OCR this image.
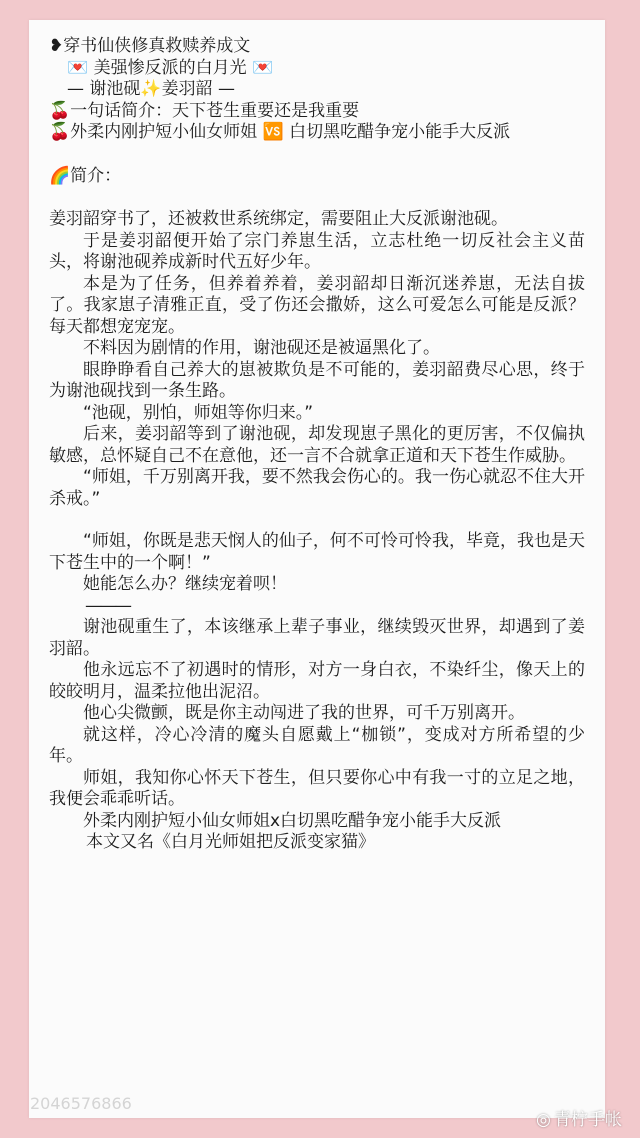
❥穿书仙侠修真救赎养成文

💌 美强惨反派的白月光 💌

— 谢池砚✨姜羽韶 —

🍒一句话简介：天下苍生重要还是我重要

🍒外柔内刚护短小仙女师姐 🆚 白切黑吃醋争宠小能手大反派

🌈简介：

姜羽韶穿书了，还被救世系统绑定，需要阻止大反派谢池砚。

于是姜羽韶便开始了宗门养崽生活，立志杜绝一切反社会主义苗头，将谢池砚养成新时代五好少年。

本是为了任务，但养着养着，姜羽韶却日渐沉迷养崽，无法自拔了。我家崽子清雅正直，受了伤还会撒娇，这么可爱怎么可能是反派？每天都想宠宠宠。

不料因为剧情的作用，谢池砚还是被逼黑化了。

眼睁睁看自己养大的崽被欺负是不可能的，姜羽韶费尽心思，终于为谢池砚找到一条生路。

“池砚，别怕，师姐等你归来。”

后来，姜羽韶等到了谢池砚，却发现崽子黑化的更厉害，不仅偏执敏感，总怀疑自己不在意他，还一言不合就拿正道和天下苍生作威胁。

“师姐，千万别离开我，要不然我会伤心的。我一伤心就忍不住大开杀戒。”

“师姐，你既是悲天悯人的仙子，何不可怜可怜我，毕竟，我也是天下苍生中的一个啊！”

她能怎么办？继续宠着呗！

———

谢池砚重生了，本该继承上辈子事业，继续毁灭世界，却遇到了姜羽韶。

他永远忘不了初遇时的情形，对方一身白衣，不染纤尘，像天上的皎皎明月，温柔拉他出泥沼。

他心尖微颤，既是你主动闯进了我的世界，可千万别离开。

就这样，冷心冷清的魔头自愿戴上“枷锁”，变成对方所希望的少年。

师姐，我知你心怀天下苍生，但只要你心中有我一寸的立足之地，我便会乖乖听话。

外柔内刚护短小仙女师姐x白切黑吃醋争宠小能手大反派

本文又名《白月光师姐把反派变家猫》

2046576866
◎ 青柠手帐
